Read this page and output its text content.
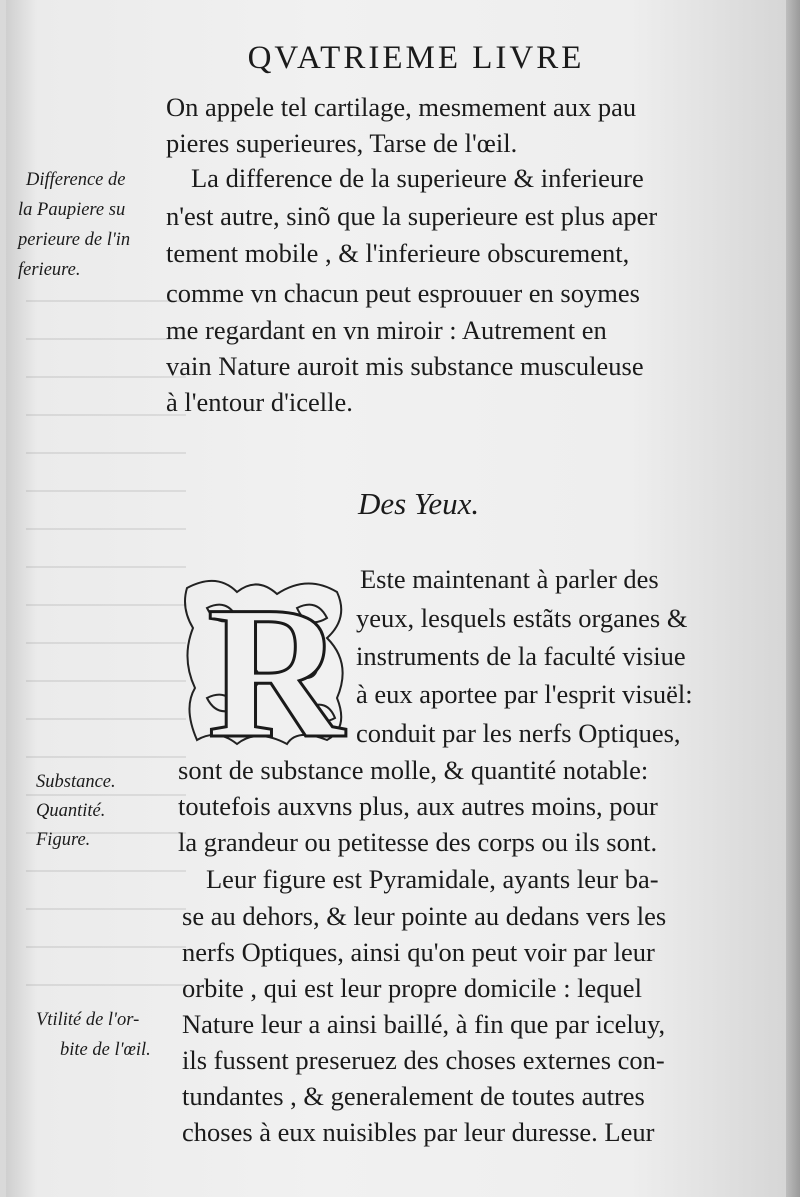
QVATRIEME LIVRE
On appele tel cartilage, mesmement aux pau
pieres superieures, Tarse de l'œil.
La difference de la superieure & inferieure
n'est autre, sinõ que la superieure est plus aper
tement mobile , & l'inferieure obscurement,
comme vn chacun peut esprouuer en soymes
me regardant en vn miroir : Autrement en
vain Nature auroit mis substance musculeuse
à l'entour d'icelle.
Des Yeux.
R Este maintenant à parler des
yeux, lesquels estãts organes &
instruments de la faculté visiue
à eux aportee par l'esprit visuël:
conduit par les nerfs Optiques,
sont de substance molle, & quantité notable:
toutefois auxvns plus, aux autres moins, pour
la grandeur ou petitesse des corps ou ils sont.
Leur figure est Pyramidale, ayants leur ba-
se au dehors, & leur pointe au dedans vers les
nerfs Optiques, ainsi qu'on peut voir par leur
orbite , qui est leur propre domicile : lequel
Nature leur a ainsi baillé, à fin que par iceluy,
ils fussent preseruez des choses externes con-
tundantes , & generalement de toutes autres
choses à eux nuisibles par leur duresse. Leur
Difference de
la Paupiere su
perieure de l'in
ferieure.
Substance.
Quantité.
Figure.
Vtilité de l'or-
bite de l'œil.
